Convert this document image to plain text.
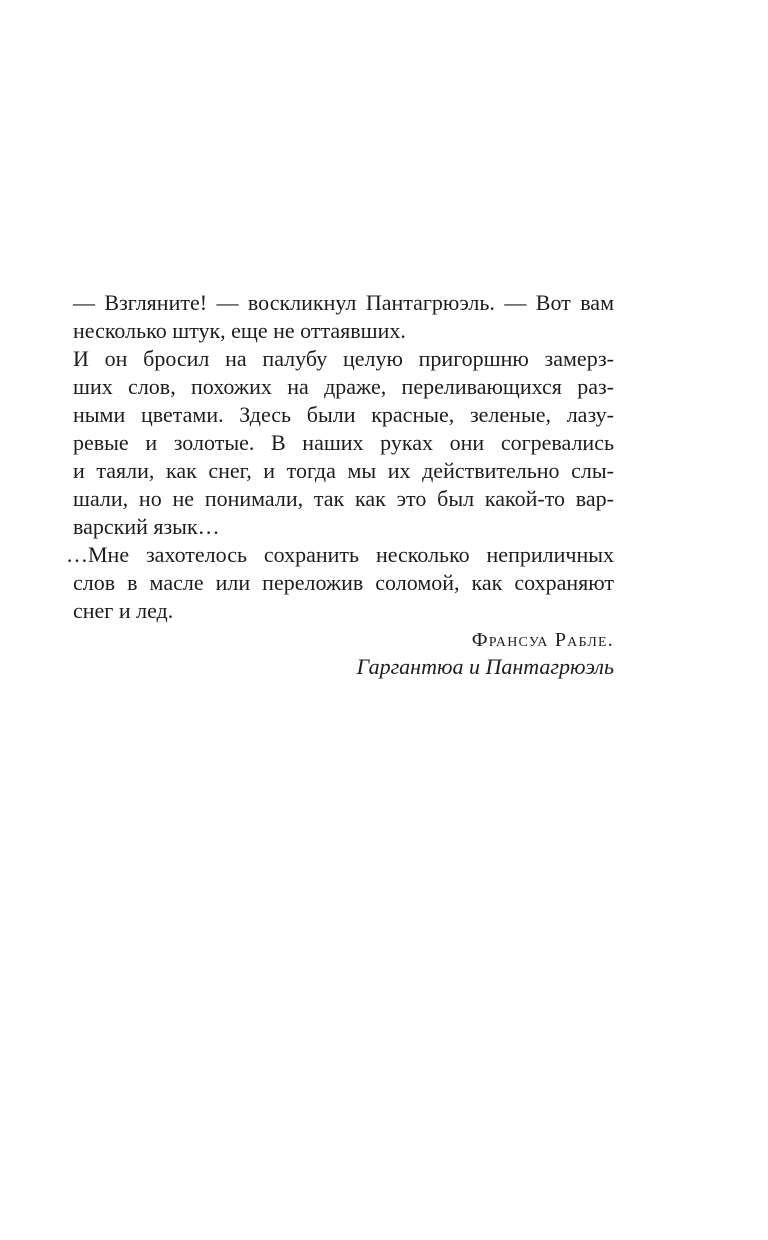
— Взгляните! — воскликнул Пантагрюэль. — Вот вам
несколько штук, еще не оттаявших.
И он бросил на палубу целую пригоршню замерз-
ших слов, похожих на драже, переливающихся раз-
ными цветами. Здесь были красные, зеленые, лазу-
ревые и золотые. В наших руках они согревались
и таяли, как снег, и тогда мы их действительно слы-
шали, но не понимали, так как это был какой-то вар-
варский язык…
…Мне захотелось сохранить несколько неприличных
слов в масле или переложив соломой, как сохраняют
снег и лед.
Франсуа Рабле.
Гаргантюа и Пантагрюэль
